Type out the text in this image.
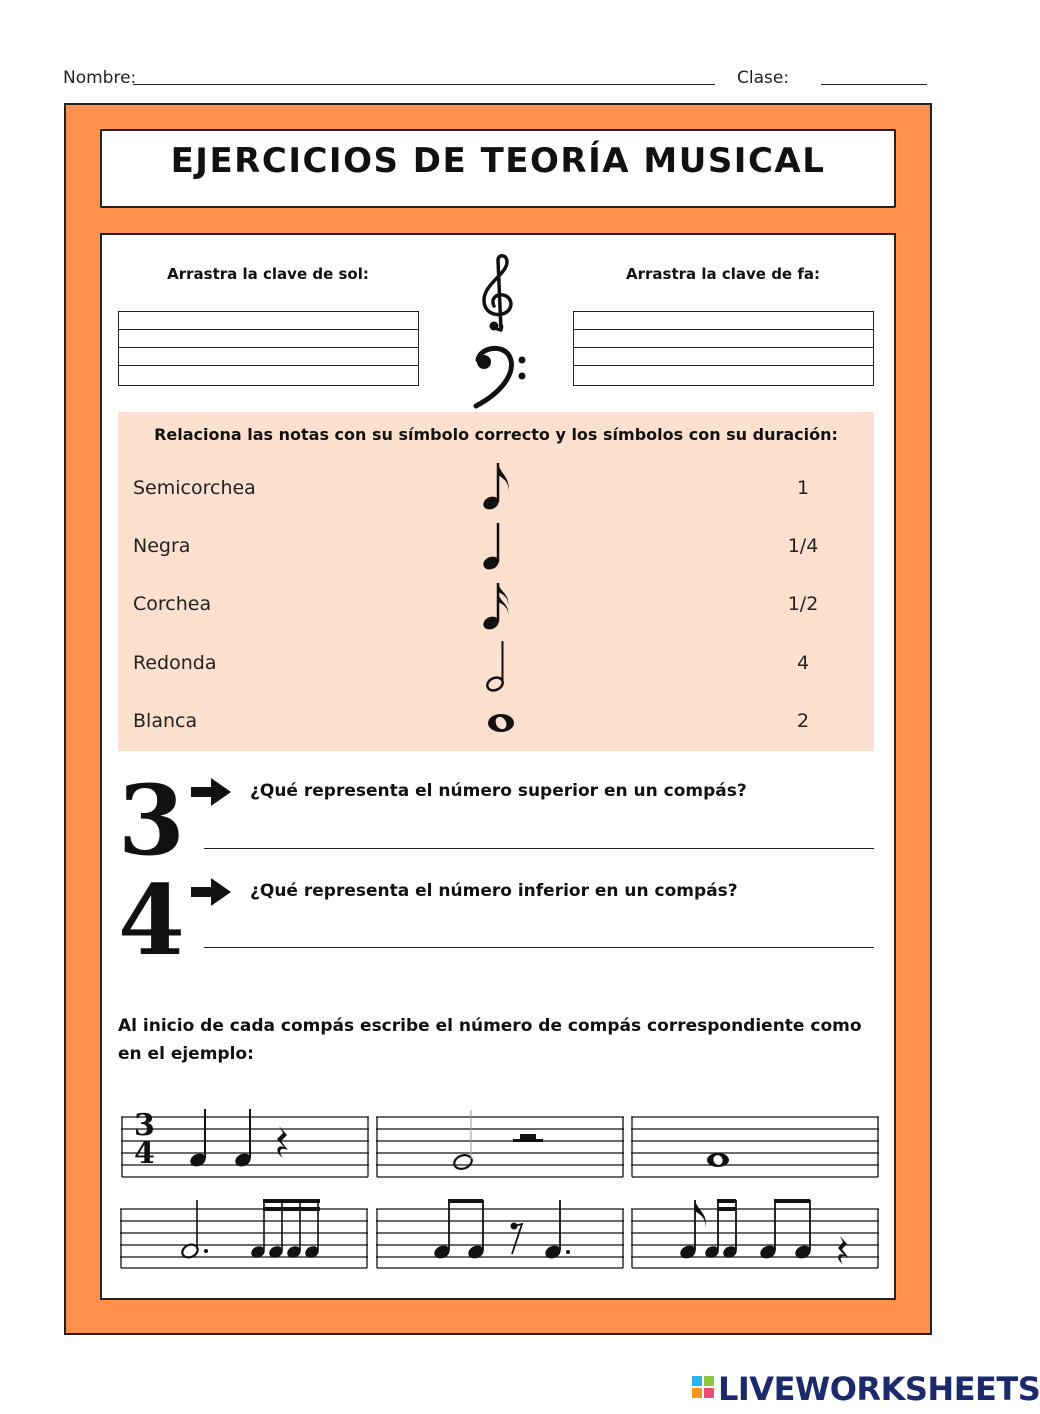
Nombre:	Clase:
EJERCICIOS DE TEORÍA MUSICAL
Arrastra la clave de sol:	Arrastra la clave de fa:
Relaciona las notas con su símbolo correcto y los símbolos con su duración:
Semicorchea
Negra
Corchea
Redonda
Blanca
1
1/4
1/2
4
2
3
4
¿Qué representa el número superior en un compás?
¿Qué representa el número inferior en un compás?
Al inicio de cada compás escribe el número de compás correspondiente como en el ejemplo:
3
4
LIVEWORKSHEETS
